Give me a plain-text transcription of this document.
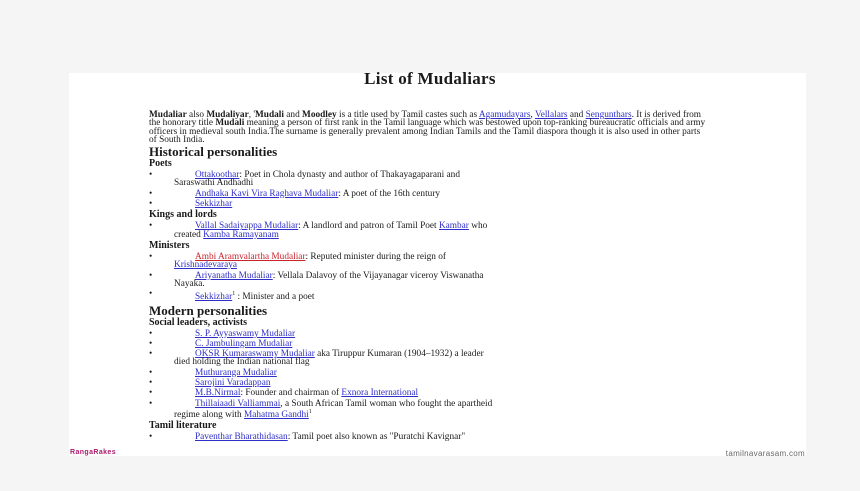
List of Mudaliars

Mudaliar also Mudaliyar, 'Mudali and Moodley is a title used by Tamil castes such as Agamudayars, Vellalars and Sengunthars. It is derived from the honorary title Mudali meaning a person of first rank in the Tamil language which was bestowed upon top-ranking bureaucratic officials and army officers in medieval south India.The surname is generally prevalent among Indian Tamils and the Tamil diaspora though it is also used in other parts of South India.

Historical personalities
Poets
•	Ottakoothar: Poet in Chola dynasty and author of Thakayagaparani and
Saraswathi Andhadhi
•	Andhaka Kavi Vira Raghava Mudaliar: A poet of the 16th century
•	Sekkizhar
Kings and lords
•	Vallal Sadaiyappa Mudaliar: A landlord and patron of Tamil Poet Kambar who
created Kamba Ramayanam
Ministers
•	Ambi Aramvalartha Mudaliar: Reputed minister during the reign of
Krishnadevaraya
•	Ariyanatha Mudaliar: Vellala Dalavoy of the Vijayanagar viceroy Viswanatha
Nayaka.
•	Sekkizhar$^1$ : Minister and a poet
Modern personalities
Social leaders, activists
•	S. P. Ayyaswamy Mudaliar
•	C. Jambulingam Mudaliar
•	OKSR Kumaraswamy Mudaliar aka Tiruppur Kumaran (1904–1932) a leader
died holding the Indian national flag
•	Muthuranga Mudaliar
•	Sarojini Varadappan
•	M.B.Nirmal: Founder and chairman of Exnora International
•	Thillaiaadi Valliammai, a South African Tamil woman who fought the apartheid
regime along with Mahatma Gandhi$^1$
Tamil literature
•	Paventhar Bharathidasan: Tamil poet also known as "Puratchi Kavignar"
RangaRakes	tamilnavarasam.com
